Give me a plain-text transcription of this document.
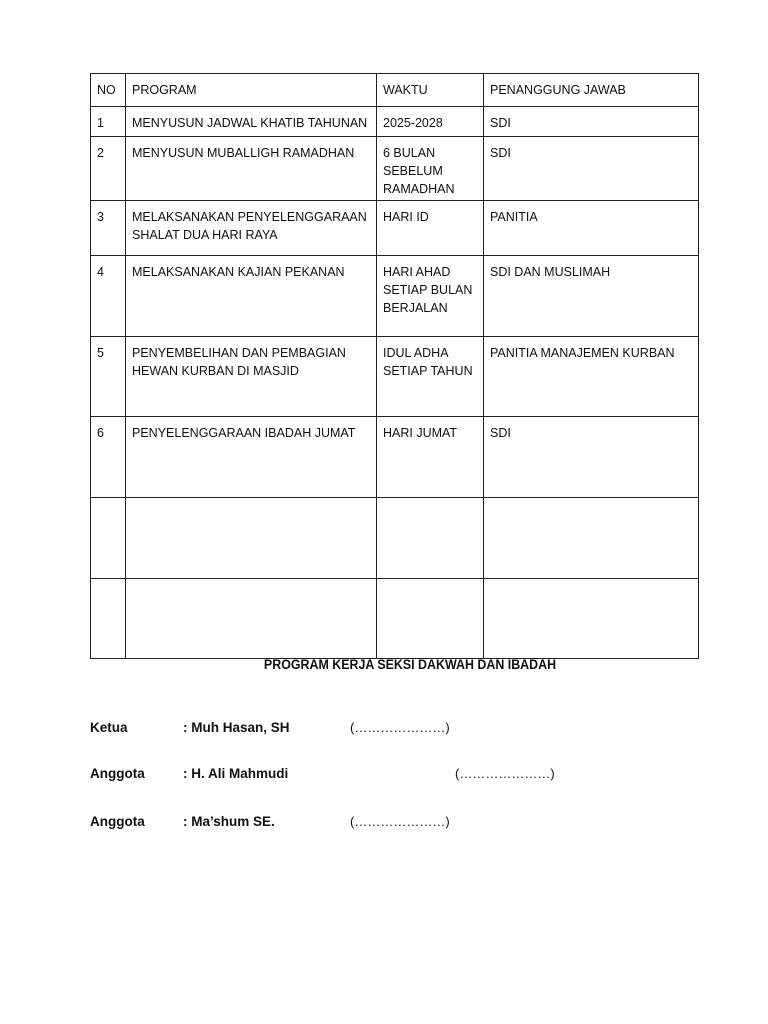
NO	PROGRAM	WAKTU	PENANGGUNG JAWAB
1	MENYUSUN JADWAL KHATIB TAHUNAN	2025-2028	SDI
2	MENYUSUN MUBALLIGH RAMADHAN	6 BULAN SEBELUM RAMADHAN	SDI
3	MELAKSANAKAN PENYELENGGARAAN SHALAT DUA HARI RAYA	HARI ID	PANITIA
4	MELAKSANAKAN KAJIAN PEKANAN	HARI AHAD SETIAP BULAN BERJALAN	SDI DAN MUSLIMAH
5	PENYEMBELIHAN DAN PEMBAGIAN HEWAN KURBAN DI MASJID	IDUL ADHA SETIAP TAHUN	PANITIA MANAJEMEN KURBAN
6	PENYELENGGARAAN IBADAH JUMAT	HARI JUMAT	SDI

PROGRAM KERJA SEKSI DAKWAH DAN IBADAH
Ketua	: Muh Hasan, SH	(…………………)
Anggota	: H. Ali Mahmudi	(…………………)
Anggota	: Ma’shum SE.	(…………………)
